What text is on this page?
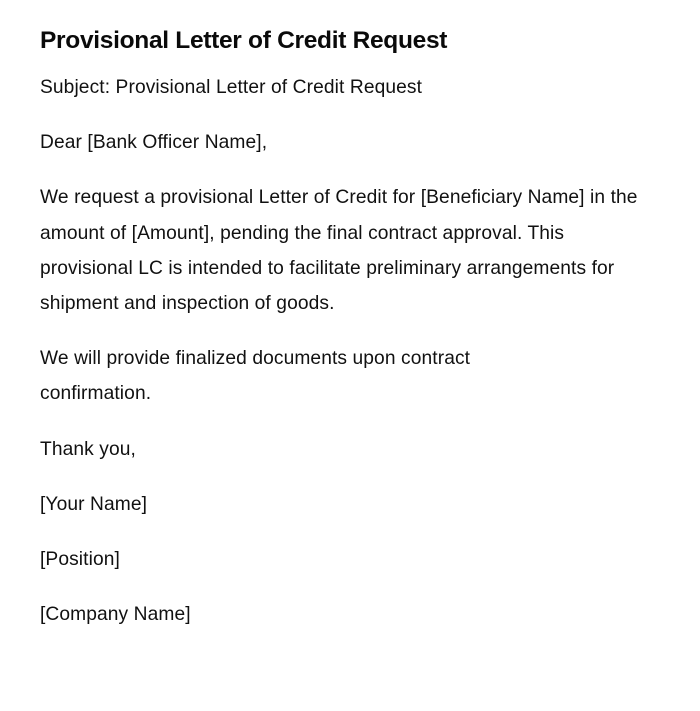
Provisional Letter of Credit Request

Subject: Provisional Letter of Credit Request

Dear [Bank Officer Name],

We request a provisional Letter of Credit for [Beneficiary Name] in the amount of [Amount], pending the final contract approval. This provisional LC is intended to facilitate preliminary arrangements for shipment and inspection of goods.

We will provide finalized documents upon contract confirmation.

Thank you,

[Your Name]

[Position]

[Company Name]
